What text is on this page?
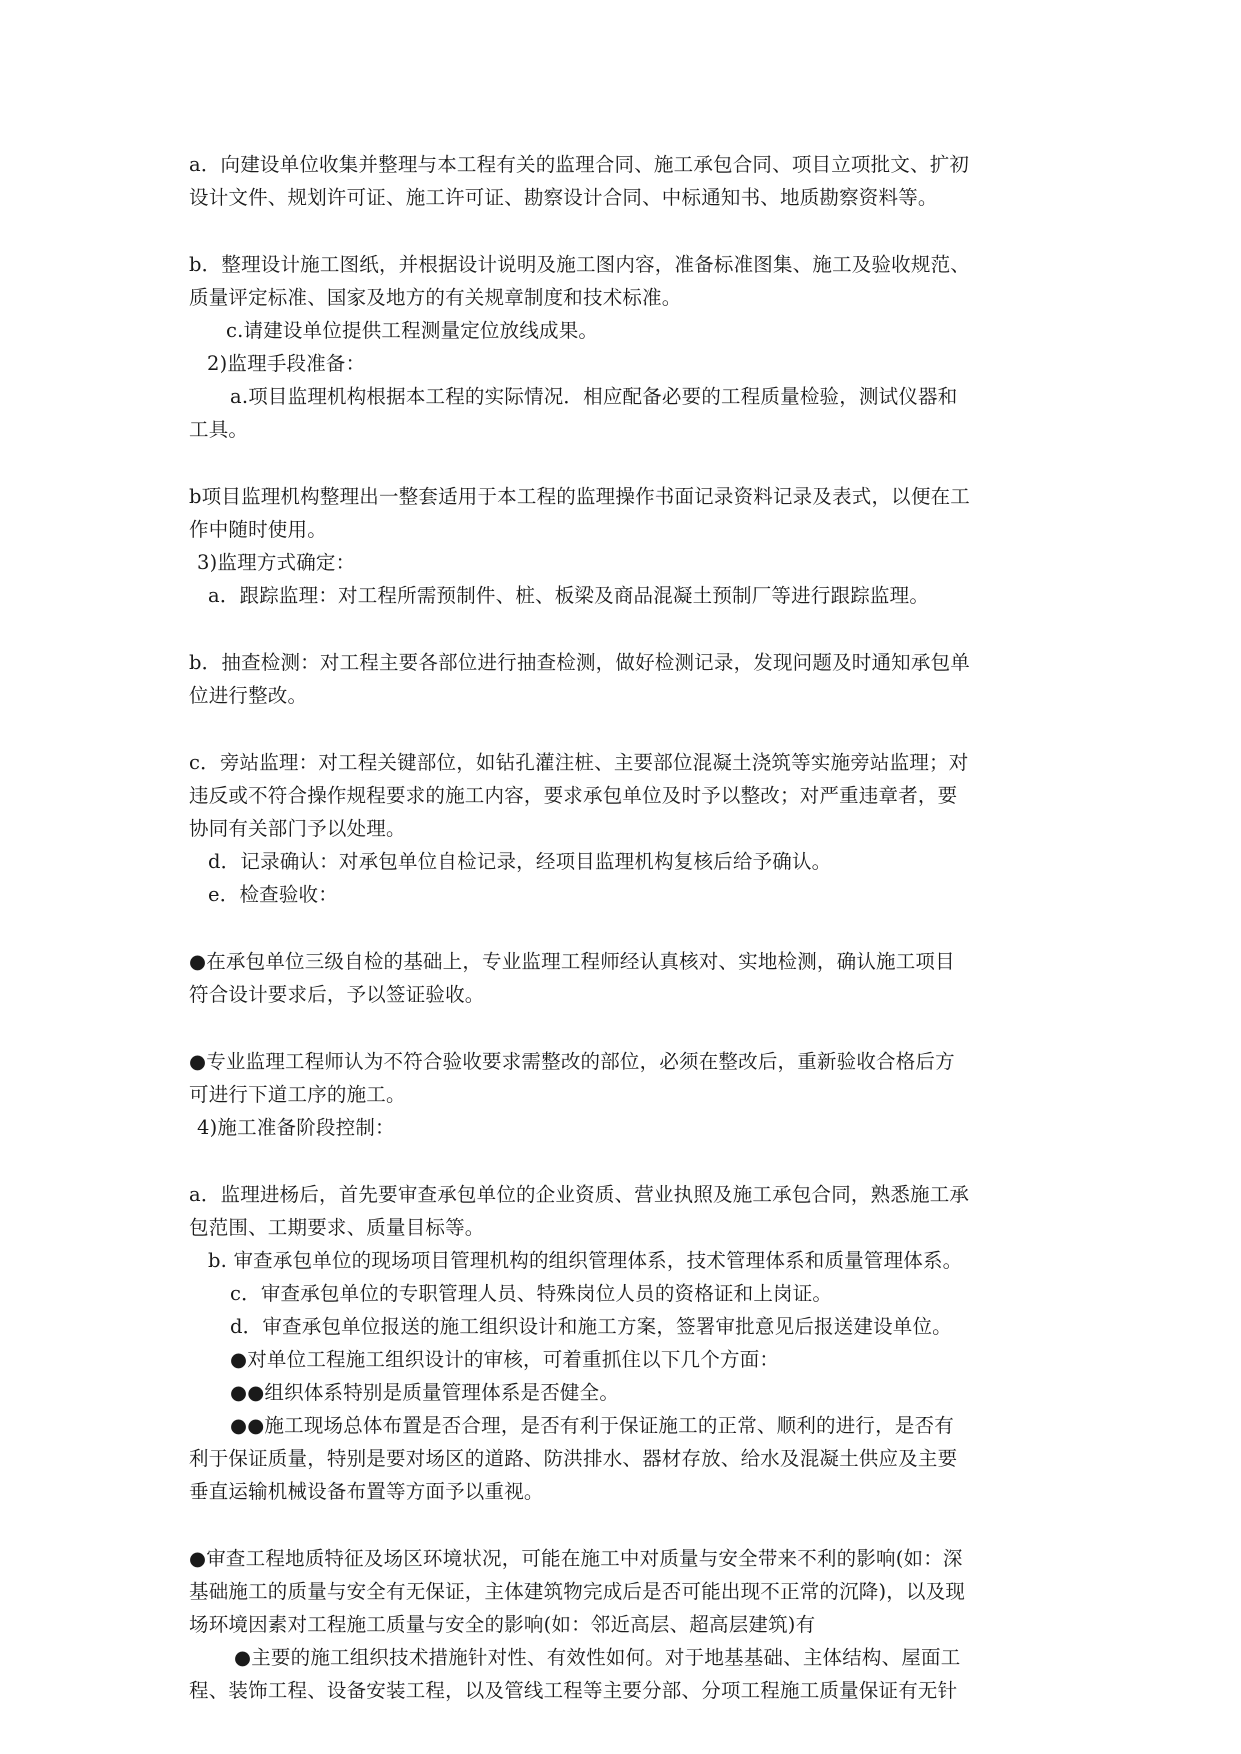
a．向建设单位收集并整理与本工程有关的监理合同、施工承包合同、项目立项批文、扩初
设计文件、规划许可证、施工许可证、勘察设计合同、中标通知书、地质勘察资料等。
b．整理设计施工图纸，并根据设计说明及施工图内容，准备标准图集、施工及验收规范、
质量评定标准、国家及地方的有关规章制度和技术标准。
c.请建设单位提供工程测量定位放线成果。
2)监理手段准备：
a.项目监理机构根据本工程的实际情况．相应配备必要的工程质量检验，测试仪器和
工具。
b项目监理机构整理出一整套适用于本工程的监理操作书面记录资料记录及表式，以便在工
作中随时使用。
3)监理方式确定：
a．跟踪监理：对工程所需预制件、桩、板梁及商品混凝土预制厂等进行跟踪监理。
b．抽查检测：对工程主要各部位进行抽查检测，做好检测记录，发现问题及时通知承包单
位进行整改。
c．旁站监理：对工程关键部位，如钻孔灌注桩、主要部位混凝土浇筑等实施旁站监理；对
违反或不符合操作规程要求的施工内容，要求承包单位及时予以整改；对严重违章者，要
协同有关部门予以处理。
d．记录确认：对承包单位自检记录，经项目监理机构复核后给予确认。
e．检查验收：
●在承包单位三级自检的基础上，专业监理工程师经认真核对、实地检测，确认施工项目
符合设计要求后，予以签证验收。
●专业监理工程师认为不符合验收要求需整改的部位，必须在整改后，重新验收合格后方
可进行下道工序的施工。
4)施工准备阶段控制：
a．监理进杨后，首先要审查承包单位的企业资质、营业执照及施工承包合同，熟悉施工承
包范围、工期要求、质量目标等。
b. 审查承包单位的现场项目管理机构的组织管理体系，技术管理体系和质量管理体系。
c．审查承包单位的专职管理人员、特殊岗位人员的资格证和上岗证。
d．审查承包单位报送的施工组织设计和施工方案，签署审批意见后报送建设单位。
●对单位工程施工组织设计的审核，可着重抓住以下几个方面：
●●组织体系特别是质量管理体系是否健全。
●●施工现场总体布置是否合理，是否有利于保证施工的正常、顺利的进行，是否有
利于保证质量，特别是要对场区的道路、防洪排水、器材存放、给水及混凝土供应及主要
垂直运输机械设备布置等方面予以重视。
●审查工程地质特征及场区环境状况，可能在施工中对质量与安全带来不利的影响(如：深
基础施工的质量与安全有无保证，主体建筑物完成后是否可能出现不正常的沉降)，以及现
场环境因素对工程施工质量与安全的影响(如：邻近高层、超高层建筑)有
●主要的施工组织技术措施针对性、有效性如何。对于地基基础、主体结构、屋面工
程、装饰工程、设备安装工程，以及管线工程等主要分部、分项工程施工质量保证有无针
